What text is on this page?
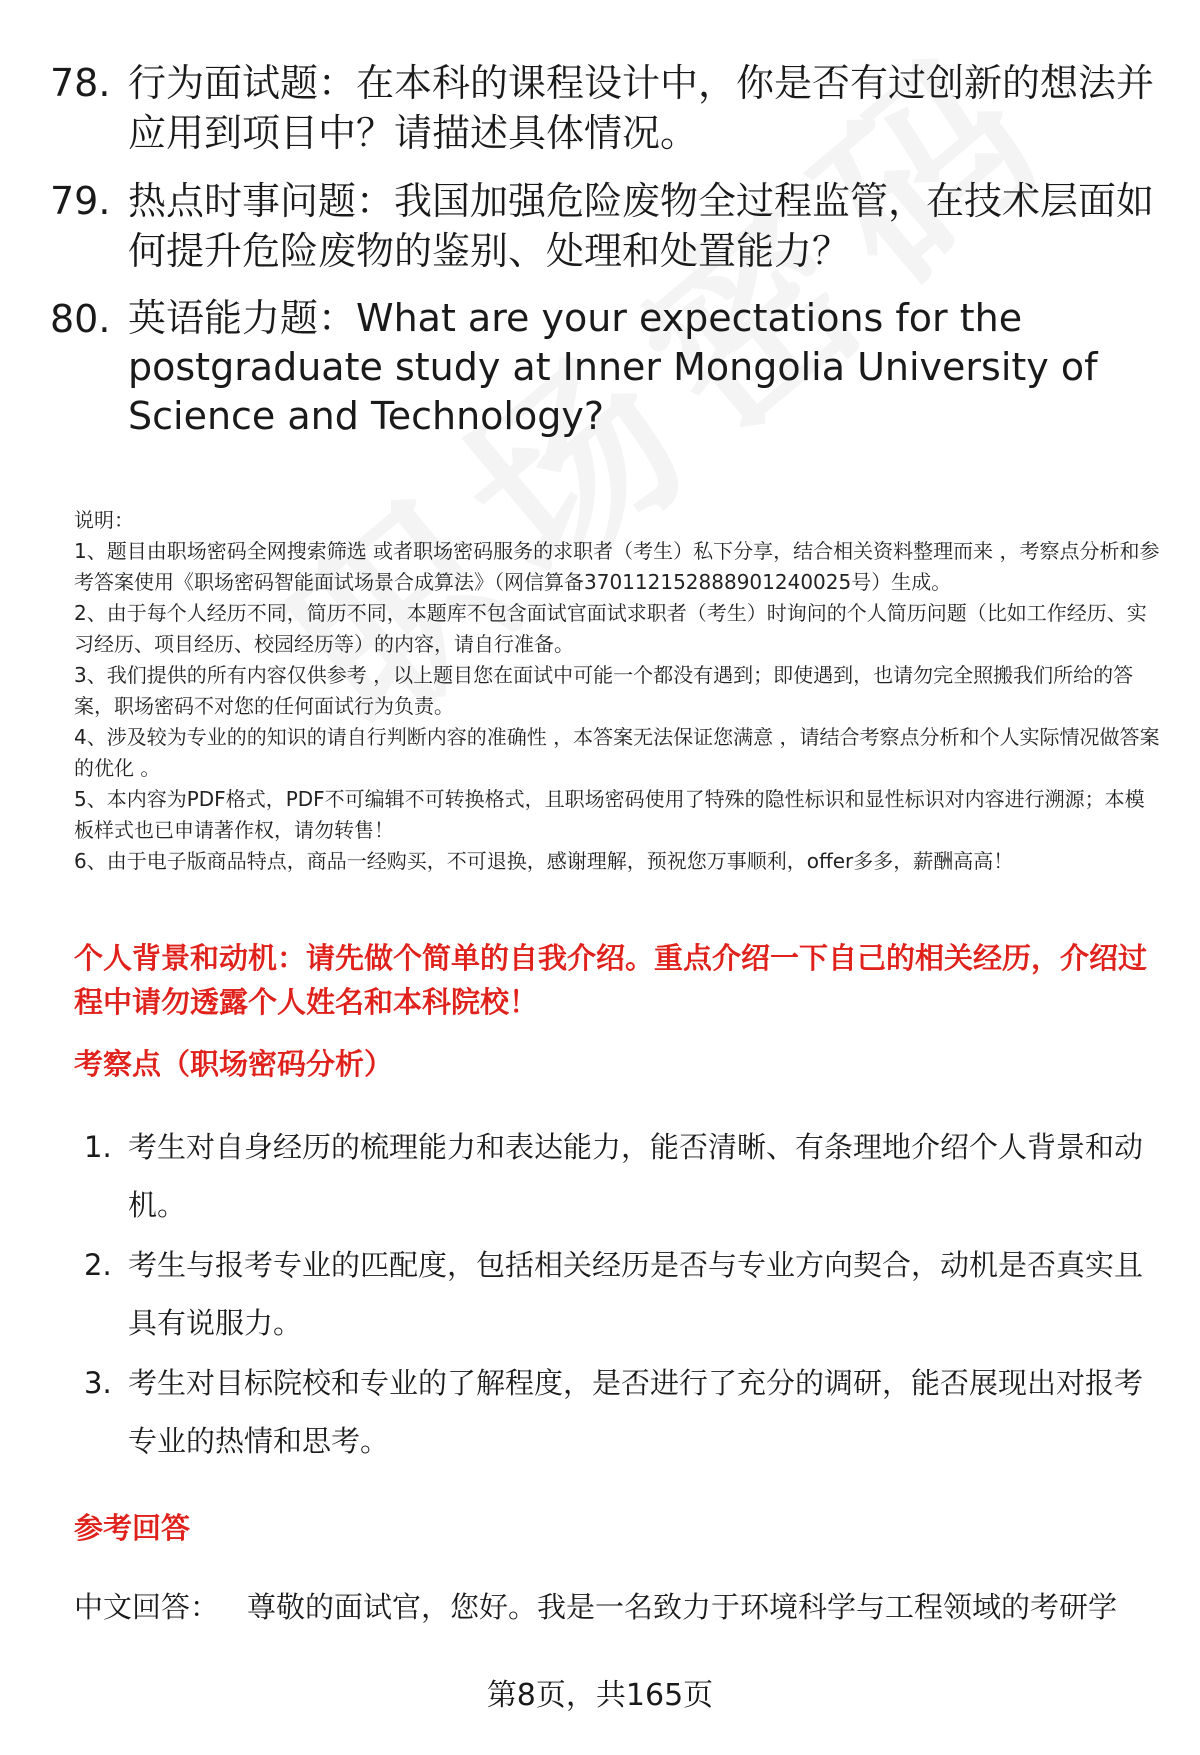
78. 行为面试题：在本科的课程设计中，你是否有过创新的想法并应用到项目中？请描述具体情况。
79. 热点时事问题：我国加强危险废物全过程监管，在技术层面如何提升危险废物的鉴别、处理和处置能力？
80. 英语能力题：What are your expectations for the postgraduate study at Inner Mongolia University of Science and Technology?

说明：

1、题目由职场密码全网搜索筛选 或者职场密码服务的求职者（考生）私下分享，结合相关资料整理而来 ，考察点分析和参考答案使用《职场密码智能面试场景合成算法》（网信算备370112152888901240025号）生成。

2、由于每个人经历不同，简历不同，本题库不包含面试官面试求职者（考生）时询问的个人简历问题（比如工作经历、实习经历、项目经历、校园经历等）的内容，请自行准备。

3、我们提供的所有内容仅供参考 ，以上题目您在面试中可能一个都没有遇到；即使遇到，也请勿完全照搬我们所给的答案，职场密码不对您的任何面试行为负责。

4、涉及较为专业的的知识的请自行判断内容的准确性 ，本答案无法保证您满意 ，请结合考察点分析和个人实际情况做答案的优化 。

5、本内容为PDF格式，PDF不可编辑不可转换格式，且职场密码使用了特殊的隐性标识和显性标识对内容进行溯源；本模板样式也已申请著作权，请勿转售！

6、由于电子版商品特点，商品一经购买，不可退换，感谢理解，预祝您万事顺利，offer多多，薪酬高高！

个人背景和动机：请先做个简单的自我介绍。重点介绍一下自己的相关经历，介绍过程中请勿透露个人姓名和本科院校！
考察点（职场密码分析）
1. 考生对自身经历的梳理能力和表达能力，能否清晰、有条理地介绍个人背景和动机。
2. 考生与报考专业的匹配度，包括相关经历是否与专业方向契合，动机是否真实且具有说服力。
3. 考生对目标院校和专业的了解程度，是否进行了充分的调研，能否展现出对报考专业的热情和思考。
参考回答
中文回答： 尊敬的面试官，您好。我是一名致力于环境科学与工程领域的考研学
第8页，共165页
